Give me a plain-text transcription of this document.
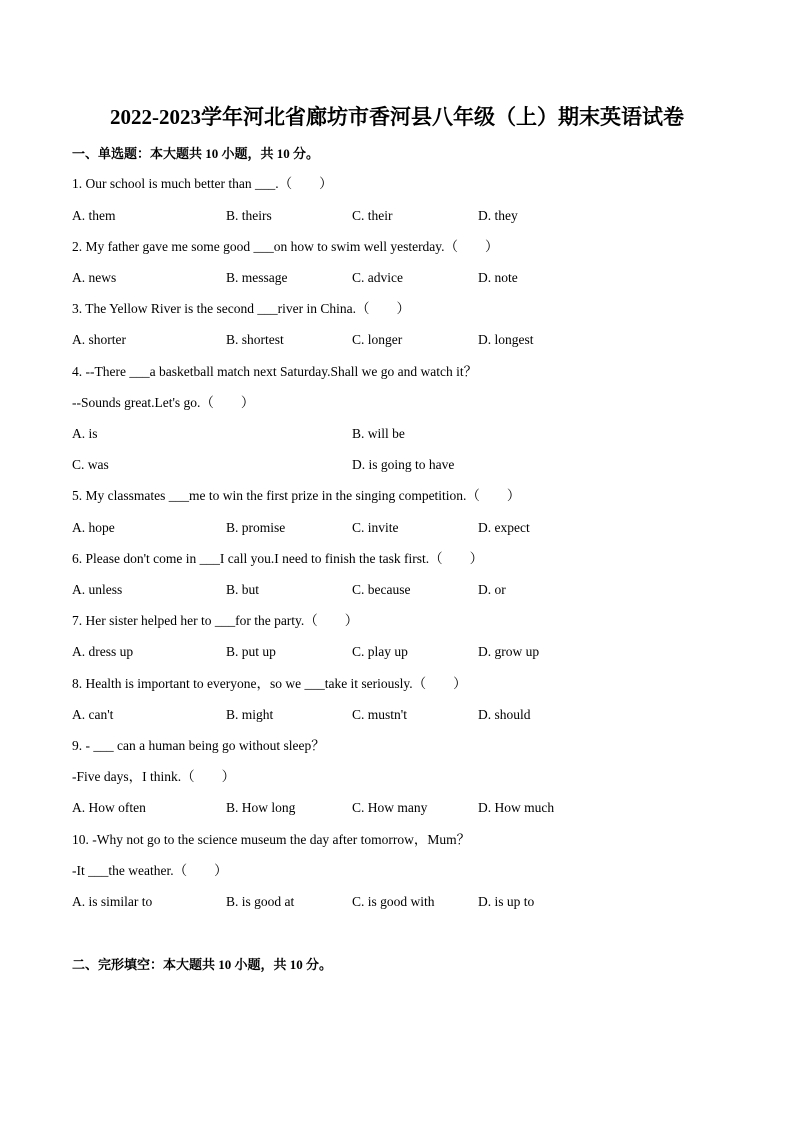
2022-2023学年河北省廊坊市香河县八年级（上）期末英语试卷
一、单选题：本大题共 10 小题，共 10 分。
1. Our school is much better than ___.（　　）
A. them	B. theirs	C. their	D. they
2. My father gave me some good ___on how to swim well yesterday.（　　）
A. news	B. message	C. advice	D. note
3. The Yellow River is the second ___river in China.（　　）
A. shorter	B. shortest	C. longer	D. longest
4. --There ___a basketball match next Saturday.Shall we go and watch it？
--Sounds great.Let's go.（　　）
A. is	B. will be
C. was	D. is going to have
5. My classmates ___me to win the first prize in the singing competition.（　　）
A. hope	B. promise	C. invite	D. expect
6. Please don't come in ___I call you.I need to finish the task first.（　　）
A. unless	B. but	C. because	D. or
7. Her sister helped her to ___for the party.（　　）
A. dress up	B. put up	C. play up	D. grow up
8. Health is important to everyone，so we ___take it seriously.（　　）
A. can't	B. might	C. mustn't	D. should
9. - ___ can a human being go without sleep？
-Five days，I think.（　　）
A. How often	B. How long	C. How many	D. How much
10. -Why not go to the science museum the day after tomorrow，Mum？
-It ___the weather.（　　）
A. is similar to	B. is good at	C. is good with	D. is up to
二、完形填空：本大题共 10 小题，共 10 分。
